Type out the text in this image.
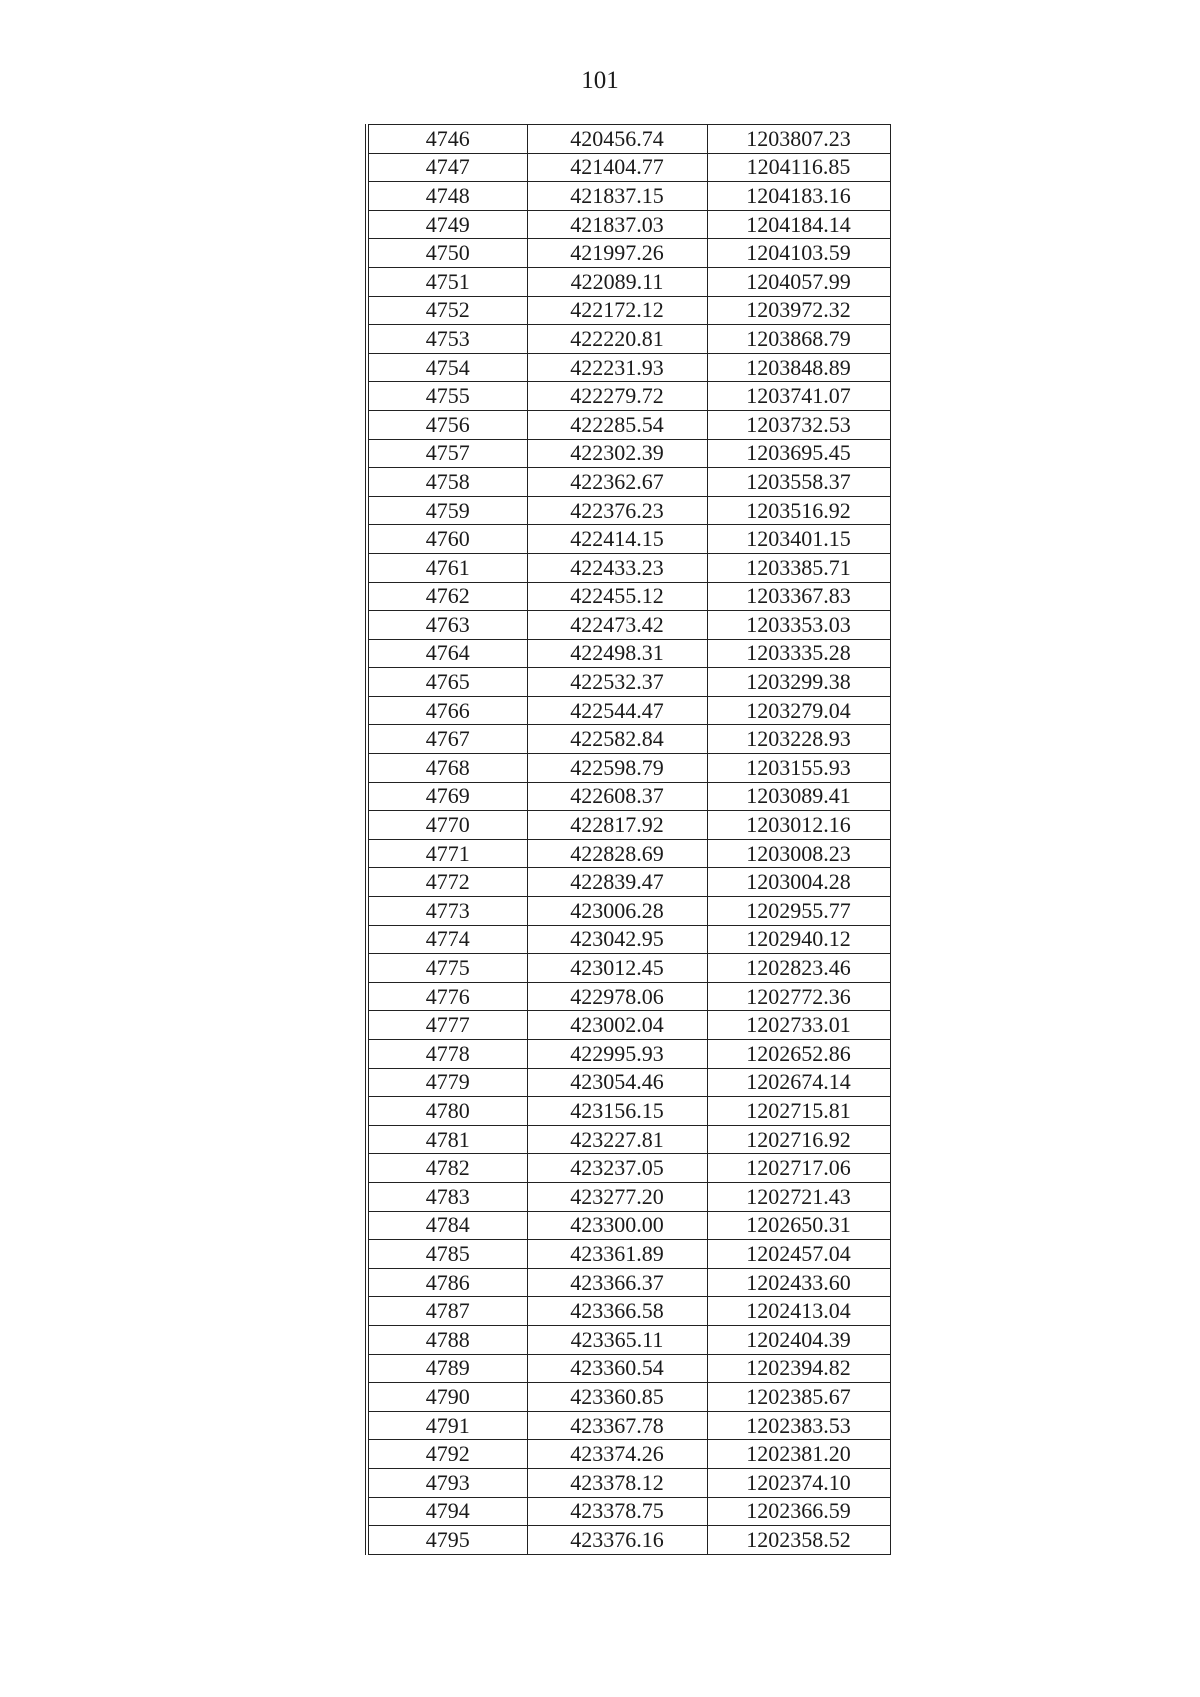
101
4746	420456.74	1203807.23
4747	421404.77	1204116.85
4748	421837.15	1204183.16
4749	421837.03	1204184.14
4750	421997.26	1204103.59
4751	422089.11	1204057.99
4752	422172.12	1203972.32
4753	422220.81	1203868.79
4754	422231.93	1203848.89
4755	422279.72	1203741.07
4756	422285.54	1203732.53
4757	422302.39	1203695.45
4758	422362.67	1203558.37
4759	422376.23	1203516.92
4760	422414.15	1203401.15
4761	422433.23	1203385.71
4762	422455.12	1203367.83
4763	422473.42	1203353.03
4764	422498.31	1203335.28
4765	422532.37	1203299.38
4766	422544.47	1203279.04
4767	422582.84	1203228.93
4768	422598.79	1203155.93
4769	422608.37	1203089.41
4770	422817.92	1203012.16
4771	422828.69	1203008.23
4772	422839.47	1203004.28
4773	423006.28	1202955.77
4774	423042.95	1202940.12
4775	423012.45	1202823.46
4776	422978.06	1202772.36
4777	423002.04	1202733.01
4778	422995.93	1202652.86
4779	423054.46	1202674.14
4780	423156.15	1202715.81
4781	423227.81	1202716.92
4782	423237.05	1202717.06
4783	423277.20	1202721.43
4784	423300.00	1202650.31
4785	423361.89	1202457.04
4786	423366.37	1202433.60
4787	423366.58	1202413.04
4788	423365.11	1202404.39
4789	423360.54	1202394.82
4790	423360.85	1202385.67
4791	423367.78	1202383.53
4792	423374.26	1202381.20
4793	423378.12	1202374.10
4794	423378.75	1202366.59
4795	423376.16	1202358.52
